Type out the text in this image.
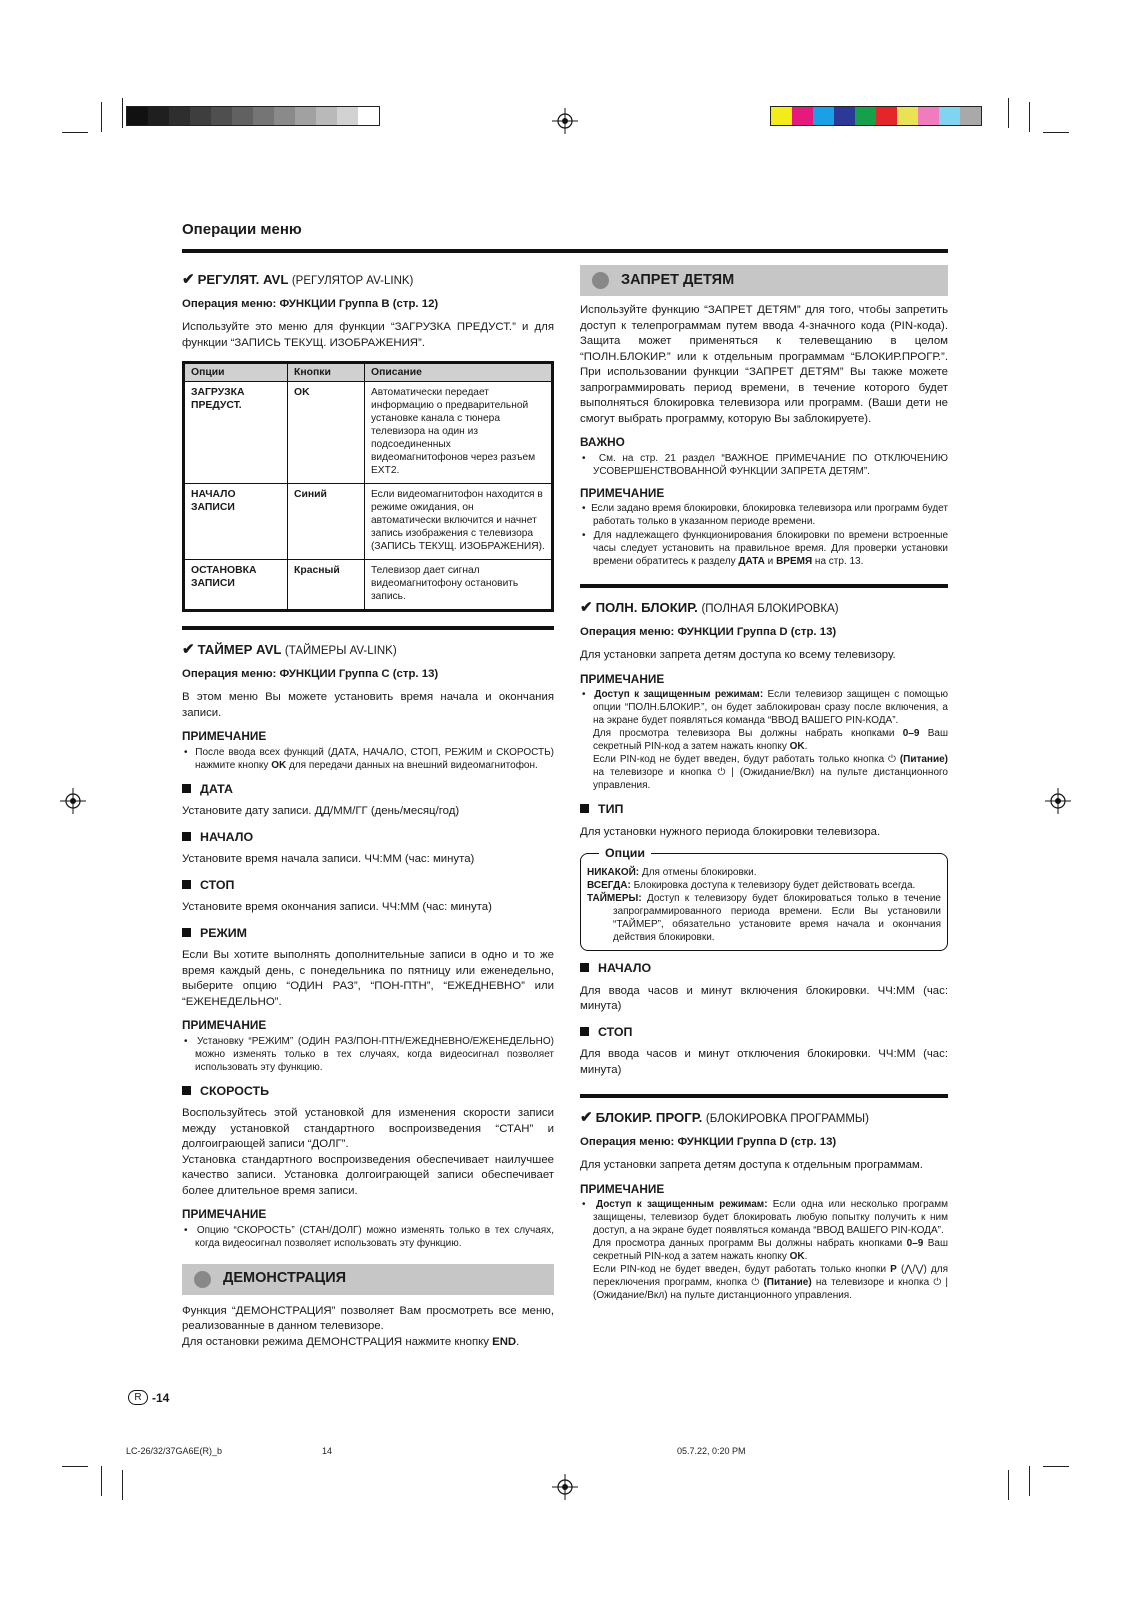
Операции меню
✔ РЕГУЛЯТ. AVL (РЕГУЛЯТОР AV-LINK)
Операция меню: ФУНКЦИИ Группа B (стр. 12)

Используйте это меню для функции “ЗАГРУЗКА ПРЕДУСТ.” и для функции “ЗАПИСЬ ТЕКУЩ. ИЗОБРАЖЕНИЯ”.

Опции	Кнопки	Описание
ЗАГРУЗКА ПРЕДУСТ.	OK	Автоматически передает информацию о предварительной установке канала с тюнера телевизора на один из подсоединенных видеомагнитофонов через разъем EXT2.
НАЧАЛО ЗАПИСИ	Синий	Если видеомагнитофон находится в режиме ожидания, он автоматически включится и начнет запись изображения с телевизора (ЗАПИСЬ ТЕКУЩ. ИЗОБРАЖЕНИЯ).
ОСТАНОВКА ЗАПИСИ	Красный	Телевизор дает сигнал видеомагнитофону остановить запись.
✔ ТАЙМЕР AVL (ТАЙМЕРЫ AV-LINK)
Операция меню: ФУНКЦИИ Группа C (стр. 13)

В этом меню Вы можете установить время начала и окончания записи.

ПРИМЕЧАНИЕ
•  После ввода всех функций (ДАТА, НАЧАЛО, СТОП, РЕЖИМ и СКОРОСТЬ) нажмите кнопку OK для передачи данных на внешний видеомагнитофон.
ДАТА

Установите дату записи. ДД/ММ/ГГ (день/месяц/год)

НАЧАЛО

Установите время начала записи. ЧЧ:ММ (час: минута)

СТОП

Установите время окончания записи. ЧЧ:ММ (час: минута)

РЕЖИМ

Если Вы хотите выполнять дополнительные записи в одно и то же время каждый день, с понедельника по пятницу или еженедельно, выберите опцию “ОДИН РАЗ”, “ПОН-ПТН”, “ЕЖЕДНЕВНО” или “ЕЖЕНЕДЕЛЬНО”.

ПРИМЕЧАНИЕ
•  Установку “РЕЖИМ” (ОДИН РАЗ/ПОН-ПТН/ЕЖЕДНЕВНО/ЕЖЕНЕДЕЛЬНО) можно изменять только в тех случаях, когда видеосигнал позволяет использовать эту функцию.
СКОРОСТЬ

Воспользуйтесь этой установкой для изменения скорости записи между установкой стандартного воспроизведения “СТАН” и долгоиграющей записи “ДОЛГ”.

Установка стандартного воспроизведения обеспечивает наилучшее качество записи. Установка долгоиграющей записи обеспечивает более длительное время записи.

ПРИМЕЧАНИЕ
•  Опцию “СКОРОСТЬ” (СТАН/ДОЛГ) можно изменять только в тех случаях, когда видеосигнал позволяет использовать эту функцию.
ДЕМОНСТРАЦИЯ

Функция “ДЕМОНСТРАЦИЯ” позволяет Вам просмотреть все меню, реализованные в данном телевизоре.

Для остановки режима ДЕМОНСТРАЦИЯ нажмите кнопку END.

ЗАПРЕТ ДЕТЯМ

Используйте функцию “ЗАПРЕТ ДЕТЯМ” для того, чтобы запретить доступ к телепрограммам путем ввода 4-значного кода (PIN-кода). Защита может применяться к телевещанию в целом “ПОЛН.БЛОКИР.” или к отдельным программам “БЛОКИР.ПРОГР.”. При использовании функции “ЗАПРЕТ ДЕТЯМ” Вы также можете запрограммировать период времени, в течение которого будет выполняться блокировка телевизора или программ. (Ваши дети не смогут выбрать программу, которую Вы заблокируете).

ВАЖНО
•  См. на стр. 21 раздел “ВАЖНОЕ ПРИМЕЧАНИЕ ПО ОТКЛЮЧЕНИЮ УСОВЕРШЕНСТВОВАННОЙ ФУНКЦИИ ЗАПРЕТА ДЕТЯМ”.
ПРИМЕЧАНИЕ
•  Если задано время блокировки, блокировка телевизора или программ будет работать только в указанном периоде времени.
•  Для надлежащего функционирования блокировки по времени встроенные часы следует установить на правильное время. Для проверки установки времени обратитесь к разделу ДАТА и ВРЕМЯ на стр. 13.
✔ ПОЛН. БЛОКИР. (ПОЛНАЯ БЛОКИРОВКА)
Операция меню: ФУНКЦИИ Группа D (стр. 13)

Для установки запрета детям доступа ко всему телевизору.

ПРИМЕЧАНИЕ
•  Доступ к защищенным режимам: Если телевизор защищен с помощью опции “ПОЛН.БЛОКИР.”, он будет заблокирован сразу после включения, а на экране будет появляться команда “ВВОД ВАШЕГО PIN-КОДА”.
Для просмотра телевизора Вы должны набрать кнопками 0–9 Ваш секретный PIN-код а затем нажать кнопку OK.
Если PIN-код не будет введен, будут работать только кнопка ⏻ (Питание) на телевизоре и кнопка ⏻ | (Ожидание/Вкл) на пульте дистанционного управления.
ТИП

Для установки нужного периода блокировки телевизора.

Опции
НИКАКОЙ: Для отмены блокировки.
ВСЕГДА: Блокировка доступа к телевизору будет действовать всегда.
ТАЙМЕРЫ: Доступ к телевизору будет блокироваться только в течение запрограммированного периода времени. Если Вы установили “ТАЙМЕР”, обязательно установите время начала и окончания действия блокировки.
НАЧАЛО

Для ввода часов и минут включения блокировки. ЧЧ:ММ (час: минута)

СТОП

Для ввода часов и минут отключения блокировки. ЧЧ:ММ (час: минута)

✔ БЛОКИР. ПРОГР. (БЛОКИРОВКА ПРОГРАММЫ)
Операция меню: ФУНКЦИИ Группа D (стр. 13)

Для установки запрета детям доступа к отдельным программам.

ПРИМЕЧАНИЕ
•  Доступ к защищенным режимам: Если одна или несколько программ защищены, телевизор будет блокировать любую попытку получить к ним доступ, а на экране будет появляться команда “ВВОД ВАШЕГО PIN-КОДА”.
Для просмотра данных программ Вы должны набрать кнопками 0–9 Ваш секретный PIN-код а затем нажать кнопку OK.
Если PIN-код не будет введен, будут работать только кнопки P (⋀/⋁) для переключения программ, кнопка ⏻ (Питание) на телевизоре и кнопка ⏻ | (Ожидание/Вкл) на пульте дистанционного управления.
R -14
LC-26/32/37GA6E(R)_b	14	05.7.22, 0:20 PM
